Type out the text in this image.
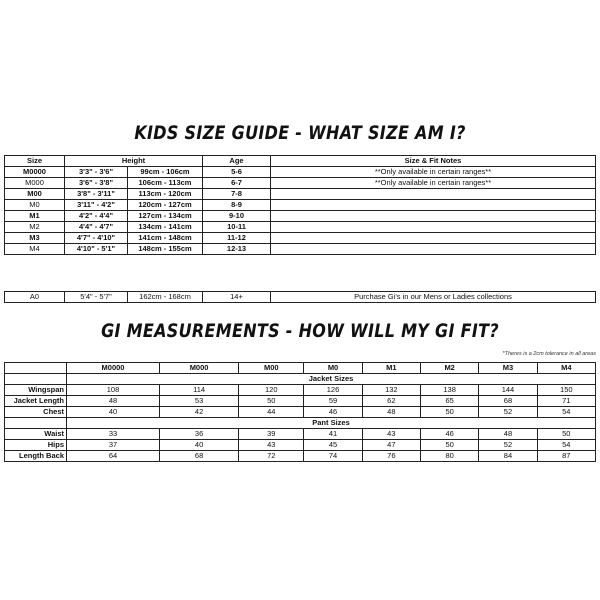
KIDS SIZE GUIDE - WHAT SIZE AM I?
Size	Height		Age	Size & Fit Notes
M0000	3'3" - 3'6"	99cm - 106cm	5-6	**Only available in certain ranges**
M000	3'6" - 3'8"	106cm - 113cm	6-7	**Only available in certain ranges**
M00	3'8" - 3'11"	113cm - 120cm	7-8	
M0	3'11" - 4'2"	120cm - 127cm	8-9	
M1	4'2" - 4'4"	127cm - 134cm	9-10	
M2	4'4" - 4'7"	134cm - 141cm	10-11	
M3	4'7" - 4'10"	141cm - 148cm	11-12	
M4	4'10" - 5'1"	148cm - 155cm	12-13	
A0	5'4" - 5'7"	162cm - 168cm	14+	Purchase Gi's in our Mens or Ladies collections
GI MEASUREMENTS - HOW WILL MY GI FIT?
*Theres is a 2cm tolerance in all areas
	M0000	M000	M00	M0	M1	M2	M3	M4
	Jacket Sizes							
Wingspan	108	114	120	126	132	138	144	150
Jacket Length	48	53	50	59	62	65	68	71
Chest	40	42	44	46	48	50	52	54
	Pant Sizes							
Waist	33	36	39	41	43	46	48	50
Hips	37	40	43	45	47	50	52	54
Length Back	64	68	72	74	76	80	84	87
